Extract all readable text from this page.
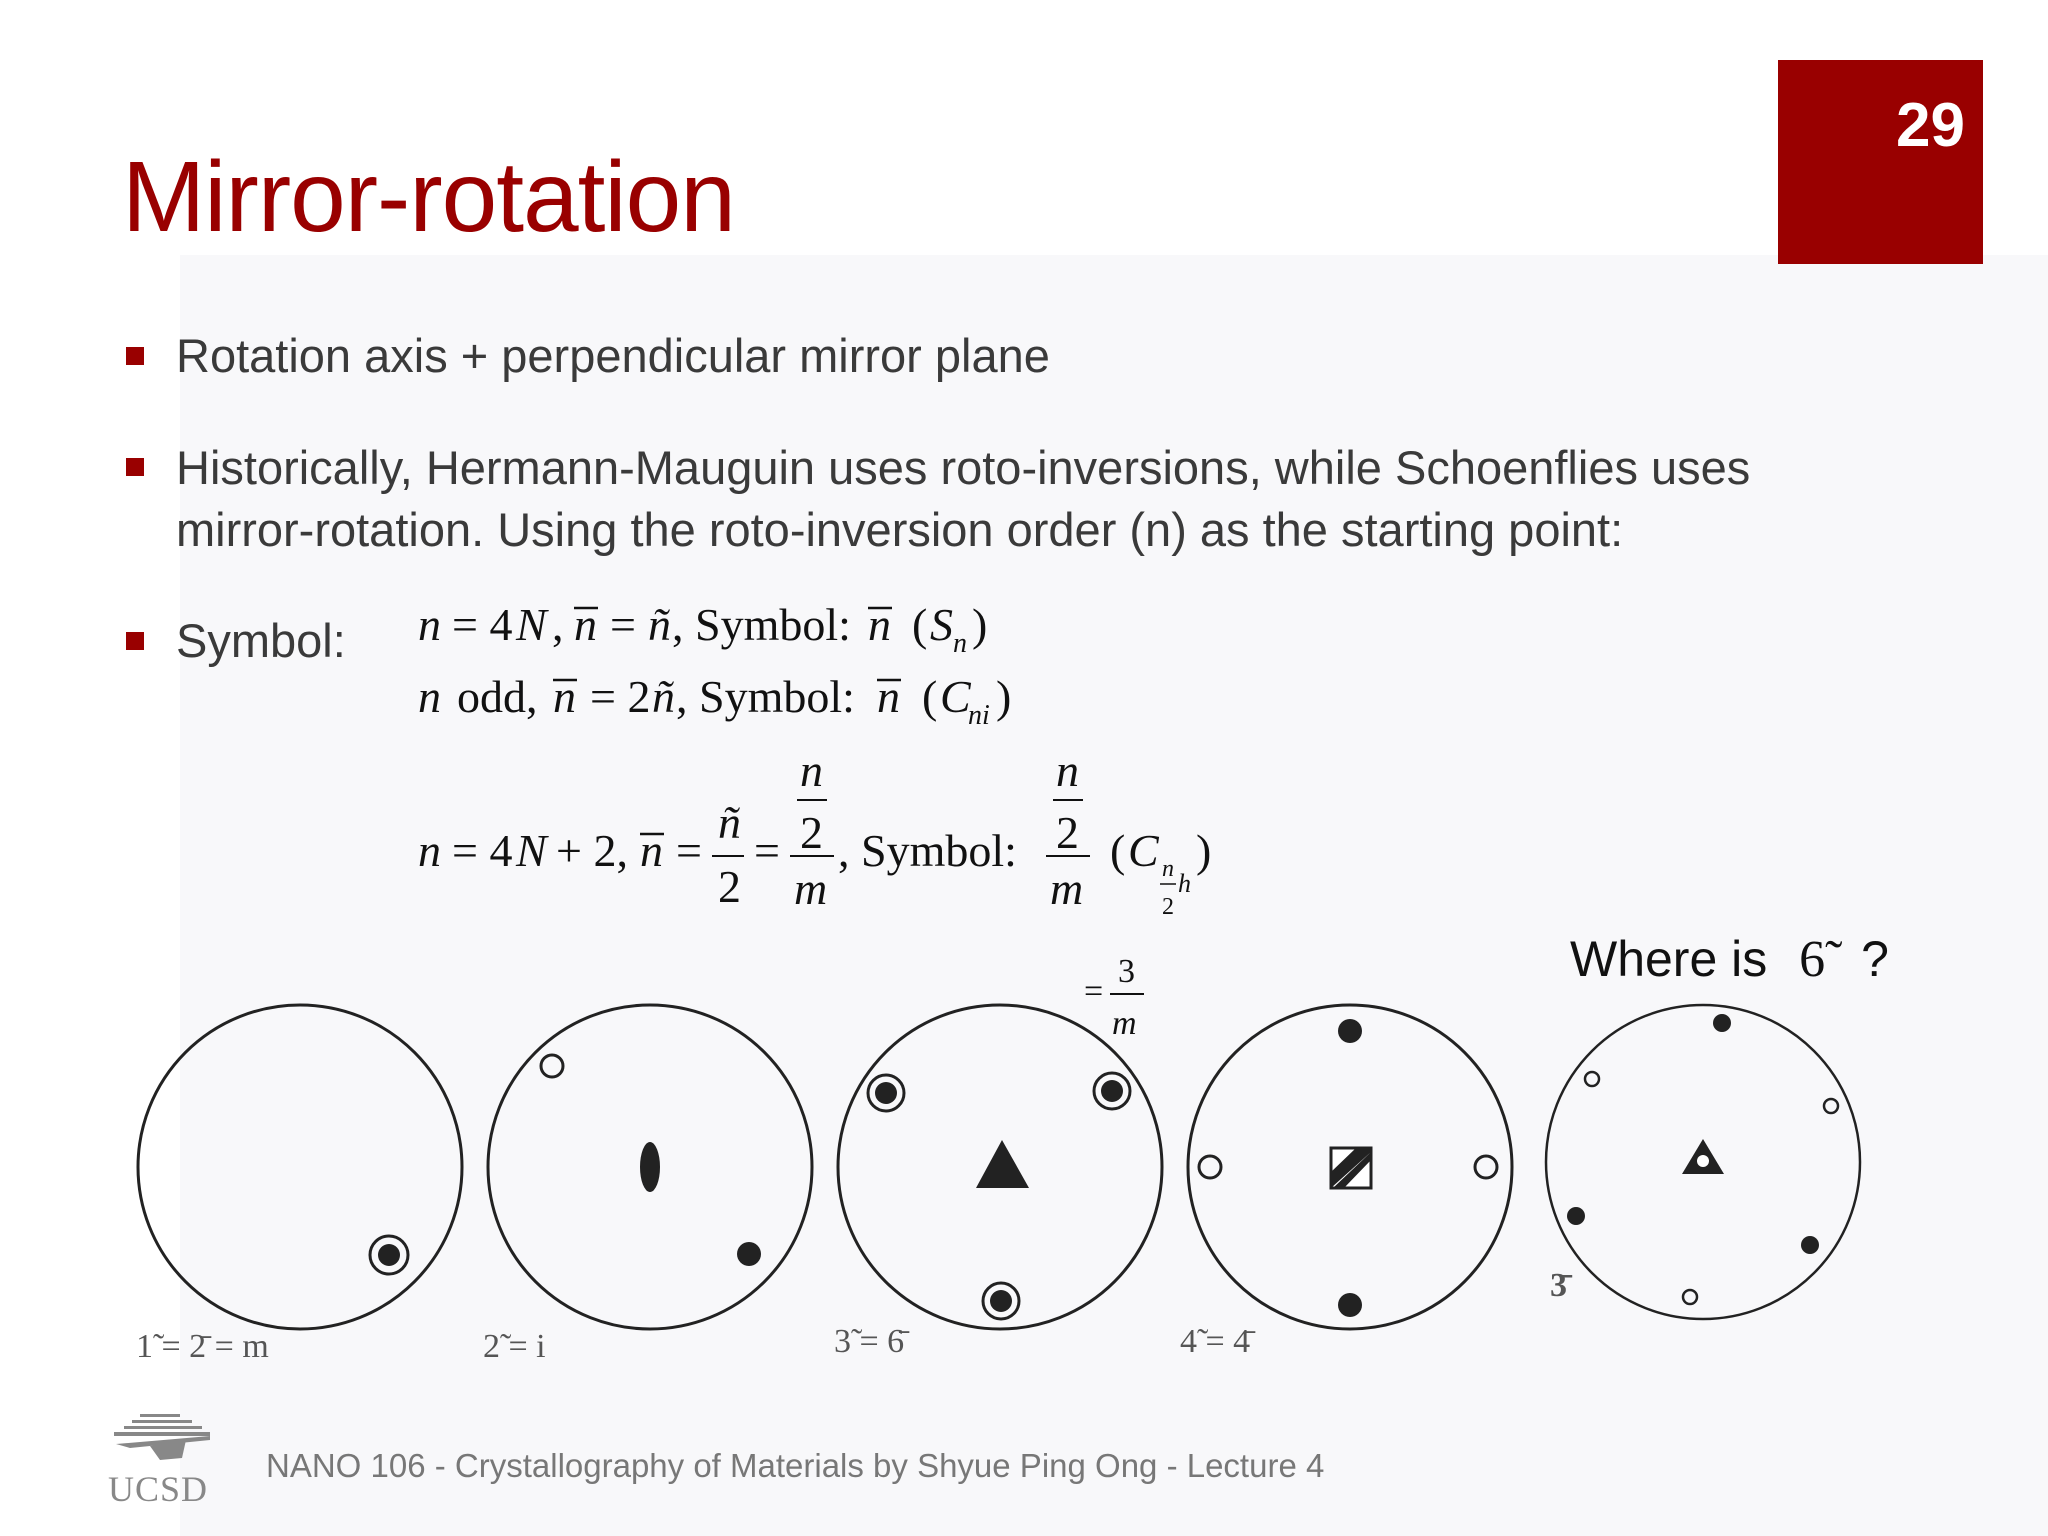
29
Mirror-rotation
Rotation axis + perpendicular mirror plane
Historically, Hermann-Mauguin uses roto-inversions, while Schoenflies uses
mirror-rotation. Using the roto-inversion order (n) as the starting point:
Symbol: n = 4 N , n = ñ , Symbol: n ( S n )
n odd, n = 2 ñ , Symbol: n ( C
ni )
n = 4 N + 2, n =
ñ
2
=
n
2
m
, Symbol:
n
2
m
( C n
2
h
)
=
3
m
Where is 6̃ ?
1̃ = 2̄ = m	2̃ = i	3̃ = 6̄	4̃ = 4̄
3̄
UCSD
NANO 106 - Crystallography of Materials by Shyue Ping Ong - Lecture 4
